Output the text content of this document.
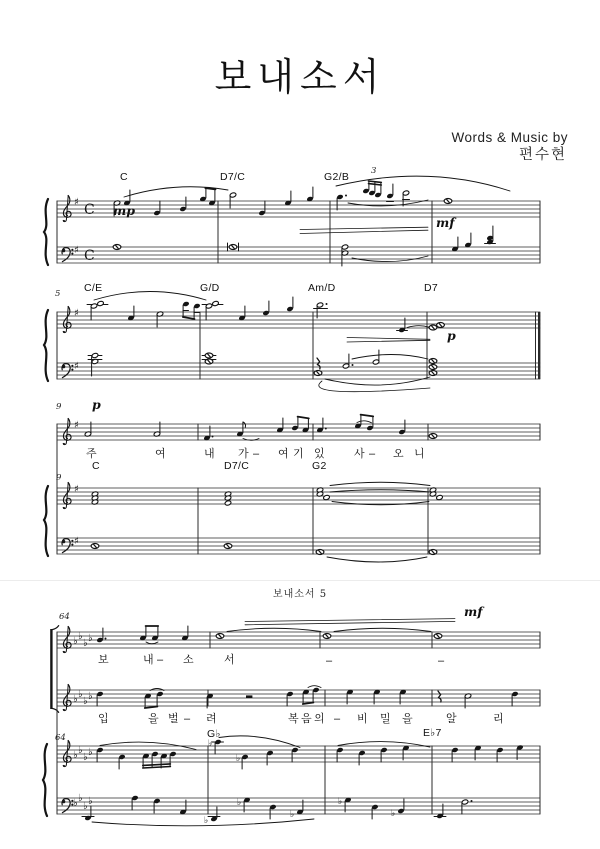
♯
♯
C
C
♯
♯
♯
♯
♯
♭ ♭
♭ ♭
♭ ♭
♭ ♭
♭ ♭
♭ ♭
♭ ♭
♭ ♭
♭
♭
♭
♭
♭
♭
♭
보내소서
Words & Music by
편수현
C	D7/C	G2/B	3
mp
mf
5 C/E	G/D	Am/D	D7
p
9 p
주	여	내 가 – 여 기 있	사 – 오 니
C	D7/C	G2
9
보내소서 5
64	mf
보	내 – 소	서	–	–
입	을 벌 – 려	복 음 의 – 비 밀 을	알	리
G♭	E♭7
64
